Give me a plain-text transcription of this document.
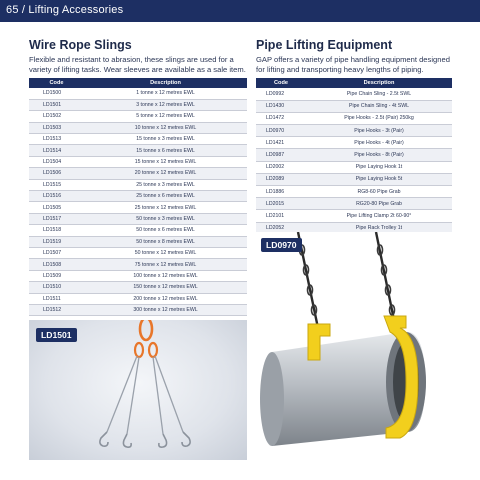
65 / Lifting Accessories
Wire Rope Slings
Flexible and resistant to abrasion, these slings are used for a variety of lifting tasks. Wear sleeves are available as a sale item.
Code	Description
LD1500	1 tonne x 12 metres EWL
LD1501	3 tonne x 12 metres EWL
LD1502	5 tonne x 12 metres EWL
LD1503	10 tonne x 12 metres EWL
LD1513	15 tonne x 3 metres EWL
LD1514	15 tonne x 6 metres EWL
LD1504	15 tonne x 12 metres EWL
LD1506	20 tonne x 12 metres EWL
LD1515	25 tonne x 3 metres EWL
LD1516	25 tonne x 6 metres EWL
LD1505	25 tonne x 12 metres EWL
LD1517	50 tonne x 3 metres EWL
LD1518	50 tonne x 6 metres EWL
LD1519	50 tonne x 8 metres EWL
LD1507	50 tonne x 12 metres EWL
LD1508	75 tonne x 12 metres EWL
LD1509	100 tonne x 12 metres EWL
LD1510	150 tonne x 12 metres EWL
LD1511	200 tonne x 12 metres EWL
LD1512	300 tonne x 12 metres EWL
LD1501
Pipe Lifting Equipment
GAP offers a variety of pipe handling equipment designed for lifting and transporting heavy lengths of piping.
Code	Description
LD0992	Pipe Chain Sling - 2.5t SWL
LD1430	Pipe Chain Sling - 4t SWL
LD1472	Pipe Hooks - 2.5t (Pair) 250kg
LD0970	Pipe Hooks - 3t (Pair)
LD1421	Pipe Hooks - 4t (Pair)
LD0987	Pipe Hooks - 8t (Pair)
LD2002	Pipe Laying Hook 1t
LD2089	Pipe Laying Hook 5t
LD1886	RG8-60 Pipe Grab
LD2015	RG20-80 Pipe Grab
LD2101	Pipe Lifting Clamp 2t 60-90°
LD2052	Pipe Rack Trolley 1t
LD0970
